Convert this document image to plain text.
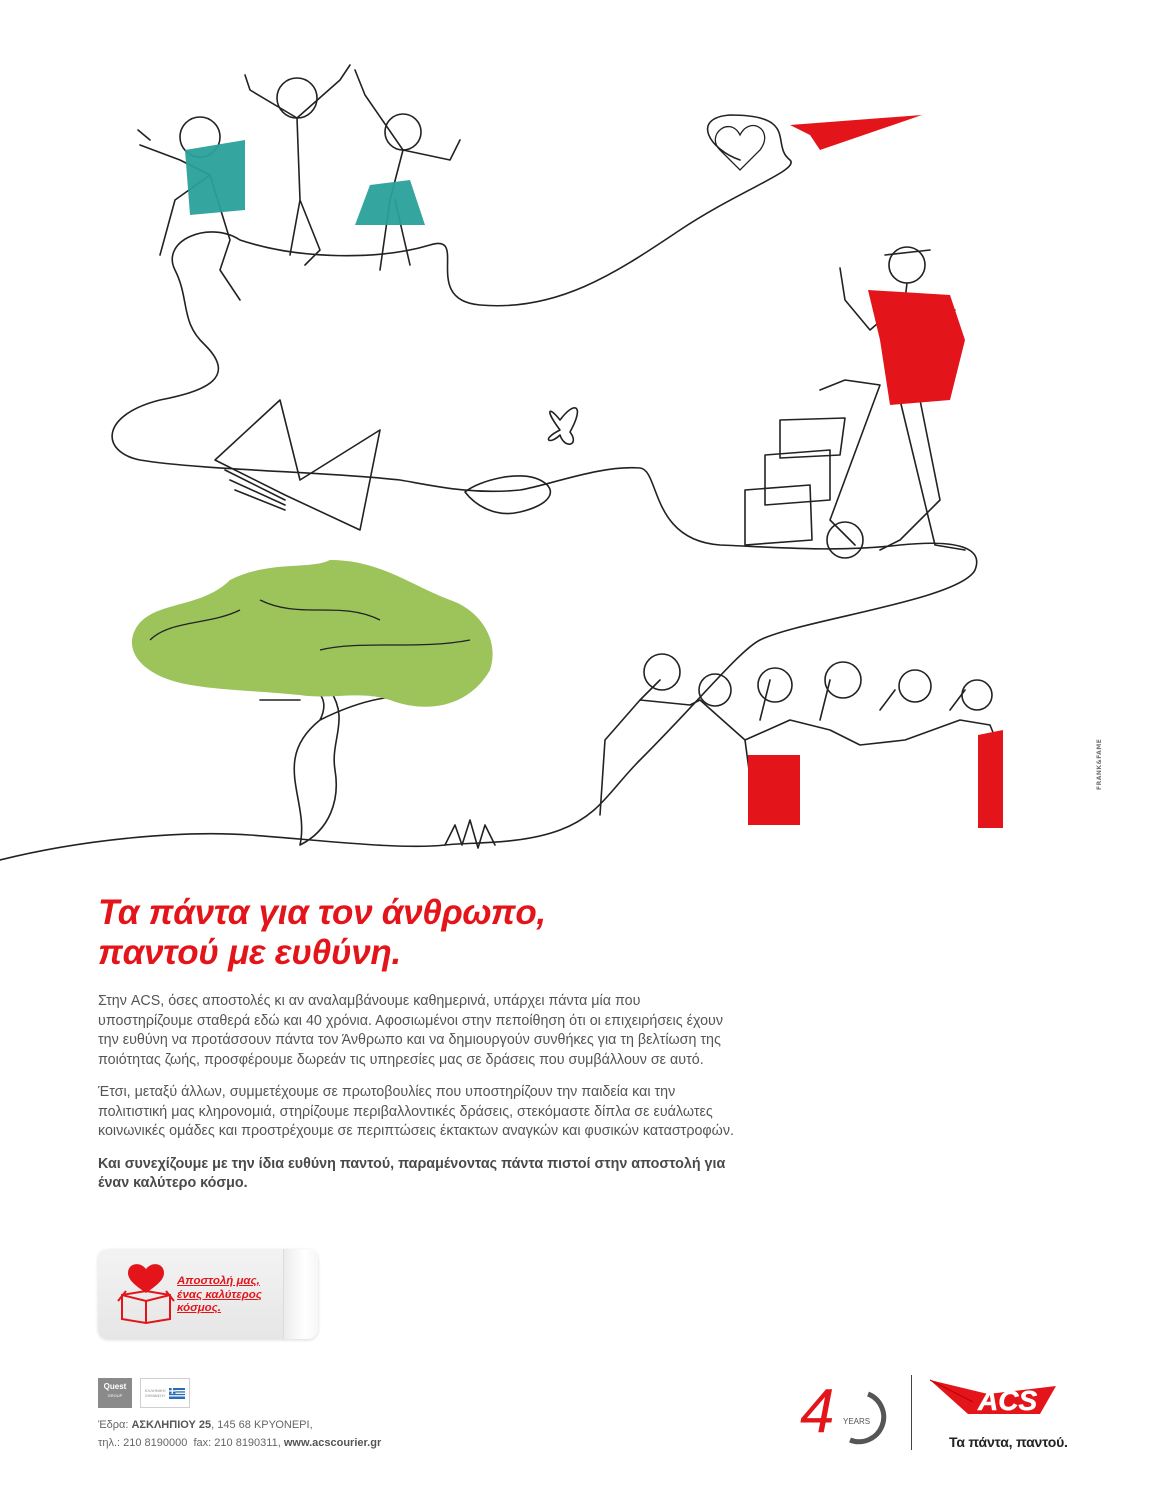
FRANK&FAME
Τα πάντα για τον άνθρωπο,
παντού με ευθύνη.

Στην ACS, όσες αποστολές κι αν αναλαμβάνουμε καθημερινά, υπάρχει πάντα μία που υποστηρίζουμε σταθερά εδώ και 40 χρόνια. Αφοσιωμένοι στην πεποίθηση ότι οι επιχειρήσεις έχουν την ευθύνη να προτάσσουν πάντα τον Άνθρωπο και να δημιουργούν συνθήκες για τη βελτίωση της ποιότητας ζωής, προσφέρουμε δωρεάν τις υπηρεσίες μας σε δράσεις που συμβάλλουν σε αυτό.

Έτσι, μεταξύ άλλων, συμμετέχουμε σε πρωτοβουλίες που υποστηρίζουν την παιδεία και την πολιτιστική μας κληρονομιά, στηρίζουμε περιβαλλοντικές δράσεις, στεκόμαστε δίπλα σε ευάλωτες κοινωνικές ομάδες και προστρέχουμε σε περιπτώσεις έκτακτων αναγκών και φυσικών καταστροφών.

Και συνεχίζουμε με την ίδια ευθύνη παντού, παραμένοντας πάντα πιστοί στην αποστολή για έναν καλύτερο κόσμο.

Αποστολή μας,
ένας καλύτερος
κόσμος.
Quest
GROUP
ΕΛΛΗΝΙΚΗ ΣΗΜΑΝΣΗ
Έδρα: ΑΣΚΛΗΠΙΟΥ 25, 145 68 ΚΡΥΟΝΕΡΙ,
τηλ.: 210 8190000 fax: 210 8190311, www.acscourier.gr	4 YEARS
ACS
Τα πάντα, παντού.
